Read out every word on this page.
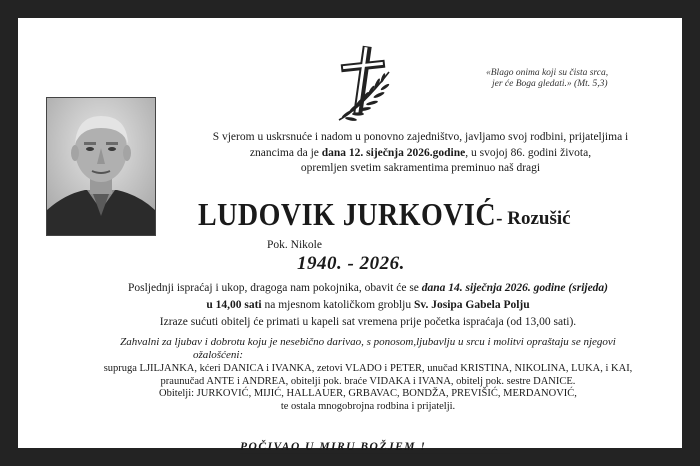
«Blago onima koji su čista srca,
jer će Boga gledati.» (Mt. 5,3)
S vjerom u uskrsnuće i nadom u ponovno zajedništvo, javljamo svoj rodbini, prijateljima i
znancima da je dana 12. siječnja 2026.godine, u svojoj 86. godini života,
opremljen svetim sakramentima preminuo naš dragi
LUDOVIK JURKOVIĆ- Rozušić
Pok. Nikole
1940. - 2026.
Posljednji ispraćaj i ukop, dragoga nam pokojnika, obavit će se dana 14. siječnja 2026. godine (srijeda)
u 14,00 sati na mjesnom katoličkom groblju Sv. Josipa Gabela Polju
Izraze sućuti obitelj će primati u kapeli sat vremena prije početka ispraćaja (od 13,00 sati).
Zahvalni za ljubav i dobrotu koju je nesebično darivao, s ponosom,ljubavlju u srcu i molitvi opraštaju se njegovi
ožalošćeni:
supruga LJILJANKA, kćeri DANICA i IVANKA, zetovi VLADO i PETER, unučad KRISTINA, NIKOLINA, LUKA, i KAI,
praunučad ANTE i ANDREA, obitelji pok. braće VIDAKA i IVANA, obitelj pok. sestre DANICE.
Obitelji: JURKOVIĆ, MIJIĆ, HALLAUER, GRBAVAC, BONDŽA, PREVIŠIĆ, MERDANOVIĆ,
te ostala mnogobrojna rodbina i prijatelji.
POČIVAO U MIRU BOŽJEM !
